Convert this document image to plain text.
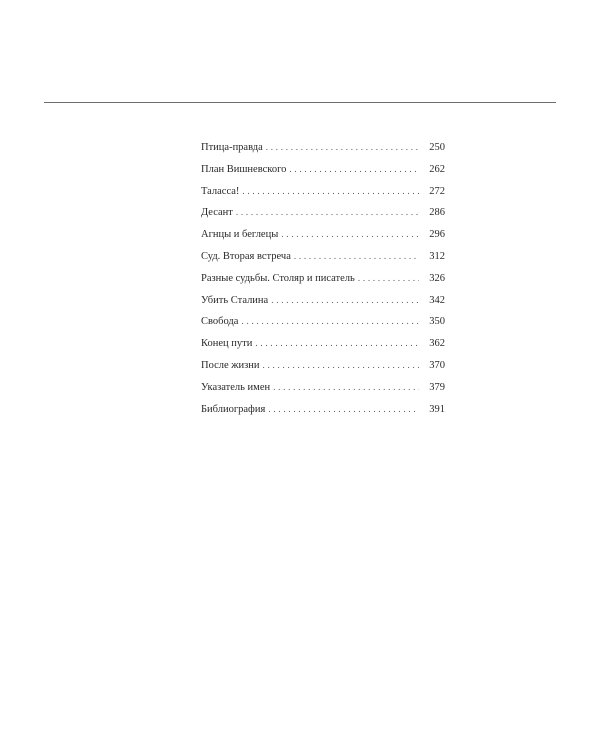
Птица-правда . . .	250
План Вишневского . . .	262
Таласса! . . .	272
Десант . . .	286
Агнцы и беглецы . . .	296
Суд. Вторая встреча . . .	312
Разные судьбы. Столяр и писатель . . .	326
Убить Сталина . . .	342
Свобода . . .	350
Конец пути . . .	362
После жизни . . .	370
Указатель имен . . .	379
Библиография . . .	391
